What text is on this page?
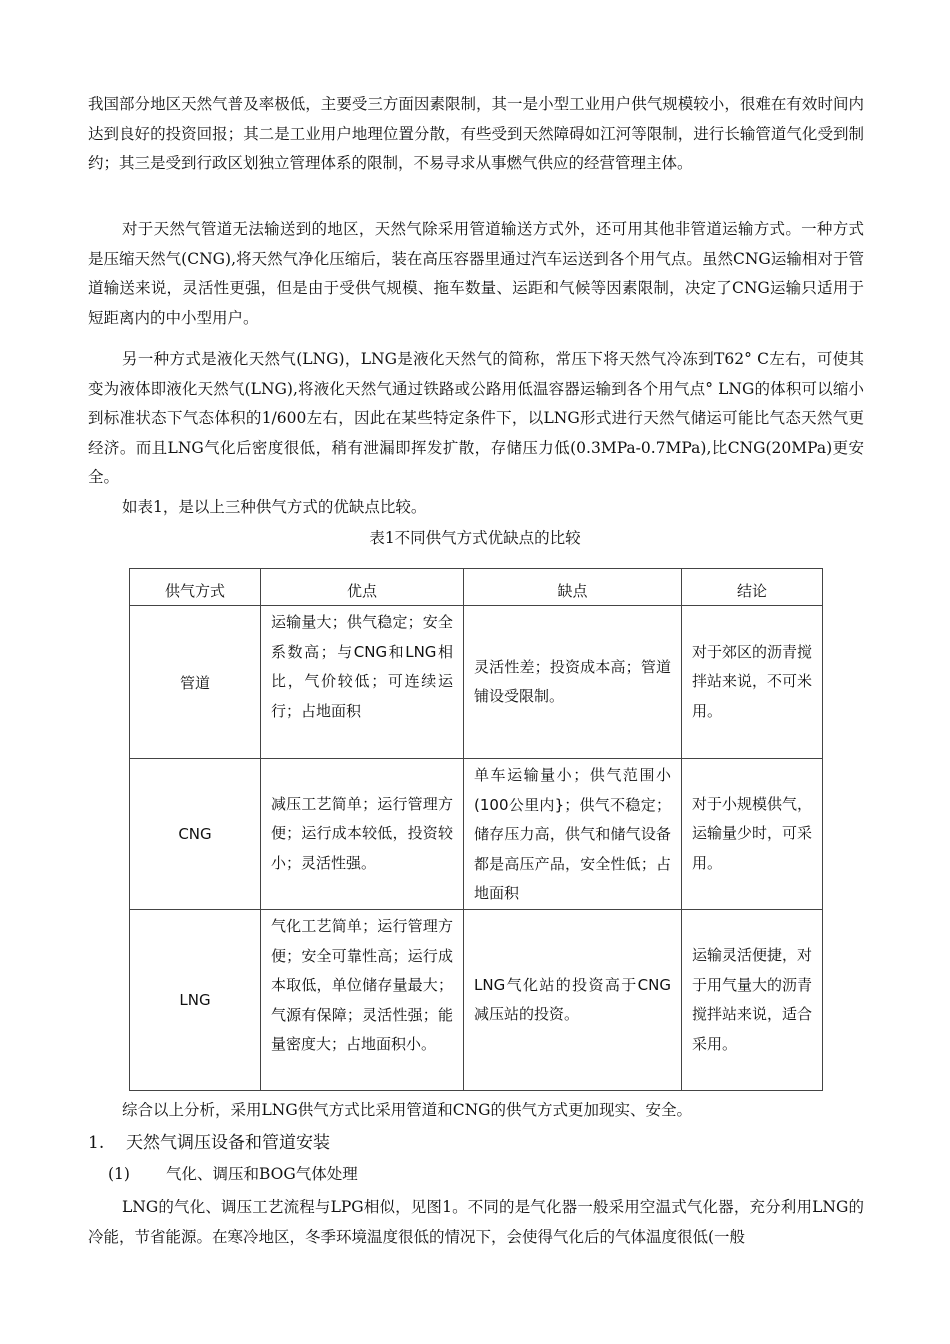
我国部分地区天然气普及率极低，主要受三方面因素限制，其一是小型工业用户供气规模较小，很难在有效时间内达到良好的投资回报；其二是工业用户地理位置分散，有些受到天然障碍如江河等限制，进行长输管道气化受到制约；其三是受到行政区划独立管理体系的限制，不易寻求从事燃气供应的经营管理主体。

对于天然气管道无法输送到的地区，天然气除采用管道输送方式外，还可用其他非管道运输方式。一种方式是压缩天然气(CNG),将天然气净化压缩后，装在高压容器里通过汽车运送到各个用气点。虽然CNG运输相对于管道输送来说，灵活性更强，但是由于受供气规模、拖车数量、运距和气候等因素限制，决定了CNG运输只适用于短距离内的中小型用户。

另一种方式是液化天然气(LNG)，LNG是液化天然气的简称，常压下将天然气冷冻到T62° C左右，可使其变为液体即液化天然气(LNG),将液化天然气通过铁路或公路用低温容器运输到各个用气点° LNG的体积可以缩小到标准状态下气态体积的1/600左右，因此在某些特定条件下，以LNG形式进行天然气储运可能比气态天然气更经济。而且LNG气化后密度很低，稍有泄漏即挥发扩散，存储压力低(0.3MPa-0.7MPa),比CNG(20MPa)更安全。

如表1，是以上三种供气方式的优缺点比较。

表1不同供气方式优缺点的比较
供气方式	优点	缺点	结论
管道	运输量大；供气稳定；安全系数高；与CNG和LNG相比，气价较低；可连续运行；占地面积	灵活性差；投资成本高；管道铺设受限制。	对于郊区的沥青搅拌站来说，不可米用。

CNG	减压工艺简单；运行管理方便；运行成本较低，投资较小；灵活性强。	单车运输量小；供气范围小(100公里内}；供气不稳定；储存压力高，供气和储气设备都是高压产品，安全性低；占地面积	对于小规模供气，运输量少时，可采用。

LNG	气化工艺简单；运行管理方便；安全可靠性高；运行成本取低，单位储存量最大；气源有保障；灵活性强；能量密度大；占地面积小。	LNG气化站的投资高于CNG减压站的投资。	运输灵活便捷，对于用气量大的沥青搅拌站来说，适合采用。

综合以上分析，采用LNG供气方式比采用管道和CNG的供气方式更加现实、安全。

1. 天然气调压设备和管道安装
(1) 气化、调压和BOG气体处理

LNG的气化、调压工艺流程与LPG相似，见图1。不同的是气化器一般采用空温式气化器，充分利用LNG的冷能，节省能源。在寒冷地区，冬季环境温度很低的情况下，会使得气化后的气体温度很低(一般
